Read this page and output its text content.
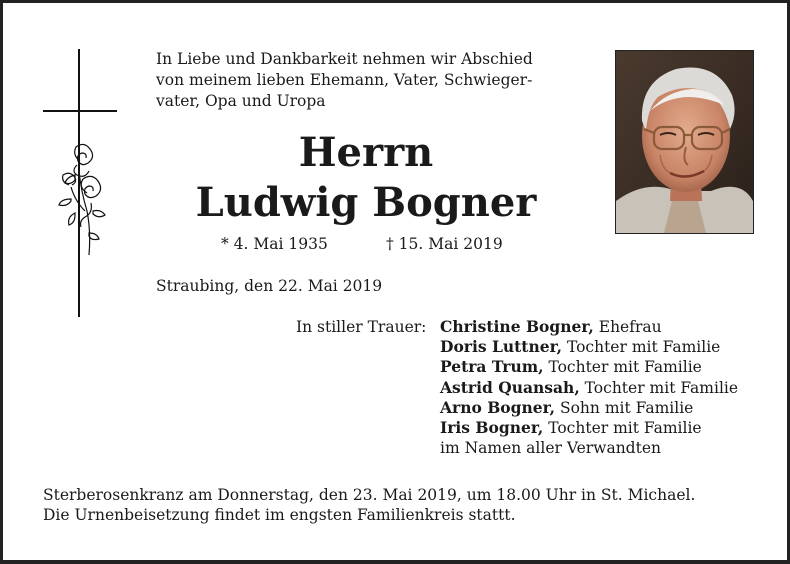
In Liebe und Dankbarkeit nehmen wir Abschied
von meinem lieben Ehemann, Vater, Schwieger-
vater, Opa und Uropa

Herrn
Ludwig Bogner
* 4. Mai 1935	† 15. Mai 2019

Straubing, den 22. Mai 2019

In stiller Trauer: Christine Bogner, Ehefrau
Doris Luttner, Tochter mit Familie
Petra Trum, Tochter mit Familie
Astrid Quansah, Tochter mit Familie
Arno Bogner, Sohn mit Familie
Iris Bogner, Tochter mit Familie
im Namen aller Verwandten

Sterberosenkranz am Donnerstag, den 23. Mai 2019, um 18.00 Uhr in St. Michael.
Die Urnenbeisetzung findet im engsten Familienkreis stattt.
